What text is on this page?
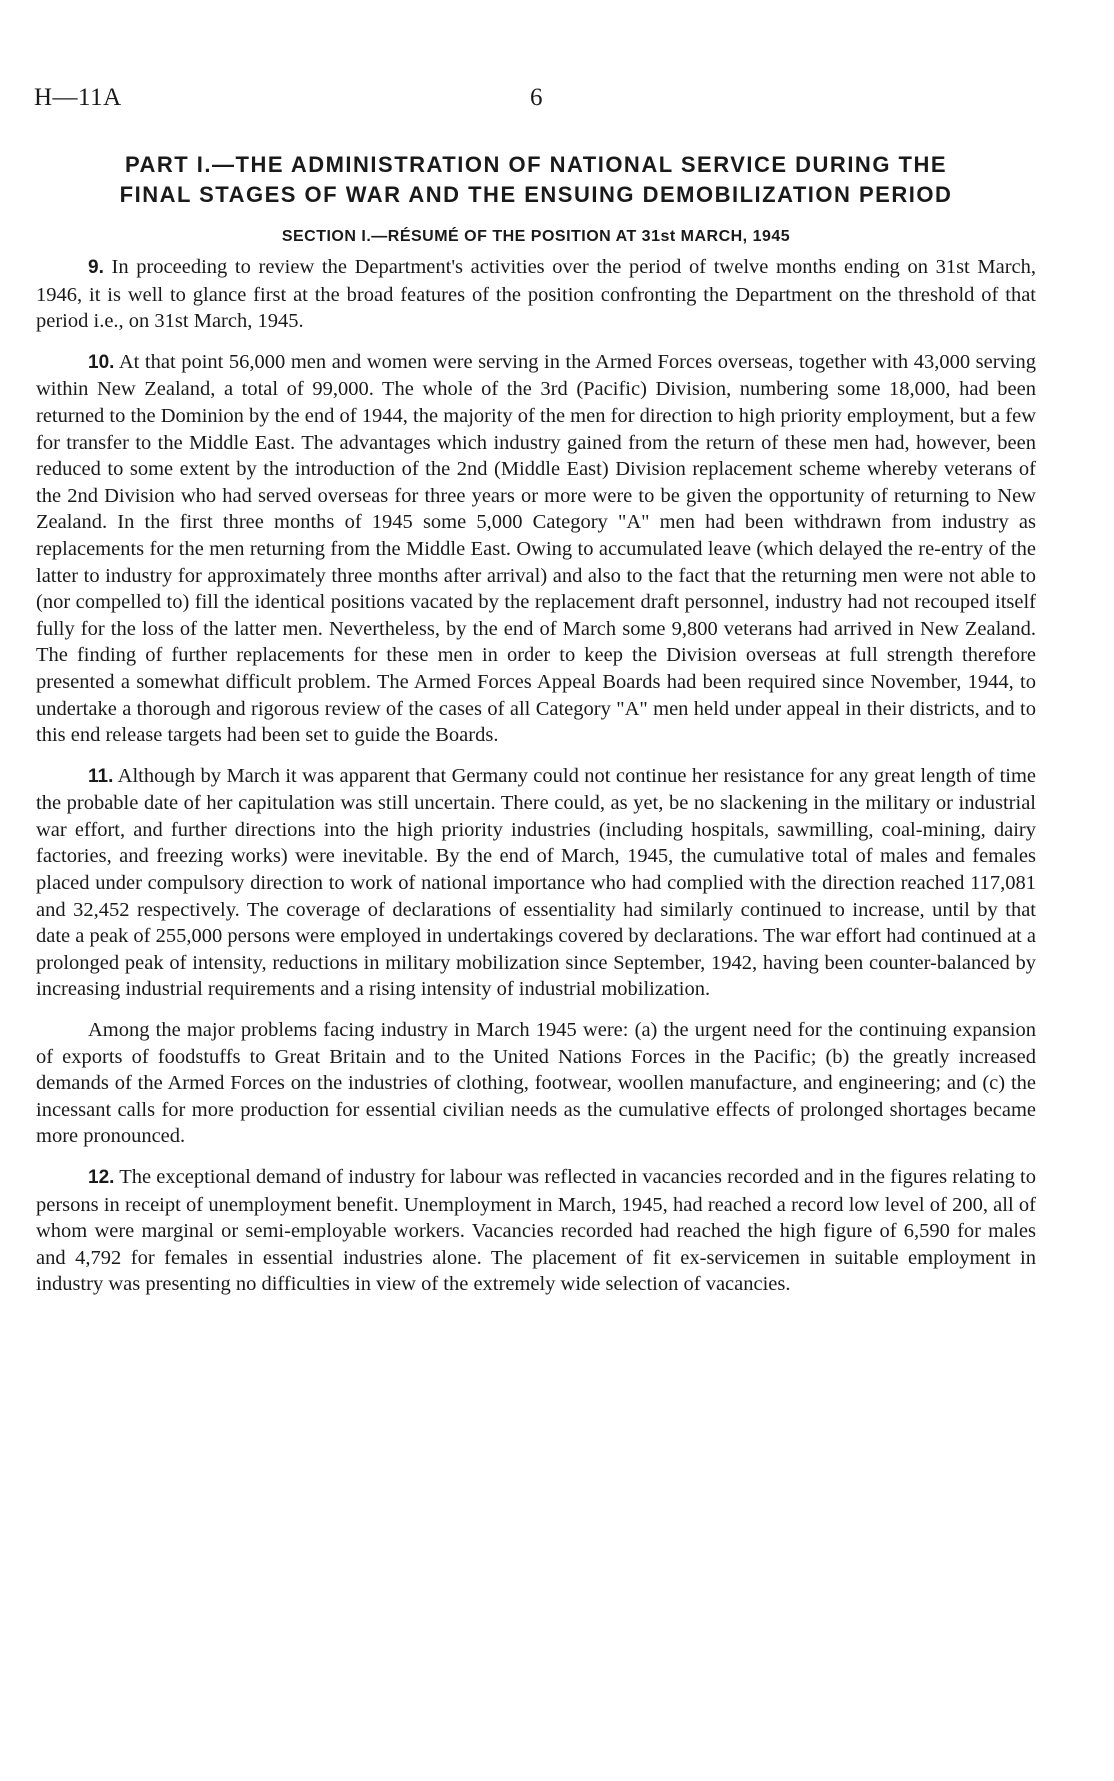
H—11A	6
PART I.—THE ADMINISTRATION OF NATIONAL SERVICE DURING THE
FINAL STAGES OF WAR AND THE ENSUING DEMOBILIZATION PERIOD
SECTION I.—RÉSUMÉ OF THE POSITION AT 31st MARCH, 1945

9. In proceeding to review the Department's activities over the period of twelve months ending on 31st March, 1946, it is well to glance first at the broad features of the position confronting the Department on the threshold of that period i.e., on 31st March, 1945.

10. At that point 56,000 men and women were serving in the Armed Forces overseas, together with 43,000 serving within New Zealand, a total of 99,000. The whole of the 3rd (Pacific) Division, numbering some 18,000, had been returned to the Dominion by the end of 1944, the majority of the men for direction to high priority employment, but a few for transfer to the Middle East. The advantages which industry gained from the return of these men had, however, been reduced to some extent by the introduction of the 2nd (Middle East) Division replacement scheme whereby veterans of the 2nd Division who had served overseas for three years or more were to be given the opportunity of returning to New Zealand. In the first three months of 1945 some 5,000 Category "A" men had been withdrawn from industry as replacements for the men returning from the Middle East. Owing to accumulated leave (which delayed the re-entry of the latter to industry for approximately three months after arrival) and also to the fact that the returning men were not able to (nor compelled to) fill the identical positions vacated by the replacement draft personnel, industry had not recouped itself fully for the loss of the latter men. Nevertheless, by the end of March some 9,800 veterans had arrived in New Zealand. The finding of further replacements for these men in order to keep the Division overseas at full strength therefore presented a somewhat difficult problem. The Armed Forces Appeal Boards had been required since November, 1944, to undertake a thorough and rigorous review of the cases of all Category "A" men held under appeal in their districts, and to this end release targets had been set to guide the Boards.

11. Although by March it was apparent that Germany could not continue her resistance for any great length of time the probable date of her capitulation was still uncertain. There could, as yet, be no slackening in the military or industrial war effort, and further directions into the high priority industries (including hospitals, sawmilling, coal-mining, dairy factories, and freezing works) were inevitable. By the end of March, 1945, the cumulative total of males and females placed under compulsory direction to work of national importance who had complied with the direction reached 117,081 and 32,452 respectively. The coverage of declarations of essentiality had similarly continued to increase, until by that date a peak of 255,000 persons were employed in undertakings covered by declarations. The war effort had continued at a prolonged peak of intensity, reductions in military mobilization since September, 1942, having been counter-balanced by increasing industrial requirements and a rising intensity of industrial mobilization.

Among the major problems facing industry in March 1945 were: (a) the urgent need for the continuing expansion of exports of foodstuffs to Great Britain and to the United Nations Forces in the Pacific; (b) the greatly increased demands of the Armed Forces on the industries of clothing, footwear, woollen manufacture, and engineering; and (c) the incessant calls for more production for essential civilian needs as the cumulative effects of prolonged shortages became more pronounced.

12. The exceptional demand of industry for labour was reflected in vacancies recorded and in the figures relating to persons in receipt of unemployment benefit. Unemployment in March, 1945, had reached a record low level of 200, all of whom were marginal or semi-employable workers. Vacancies recorded had reached the high figure of 6,590 for males and 4,792 for females in essential industries alone. The placement of fit ex-servicemen in suitable employment in industry was presenting no difficulties in view of the extremely wide selection of vacancies.
